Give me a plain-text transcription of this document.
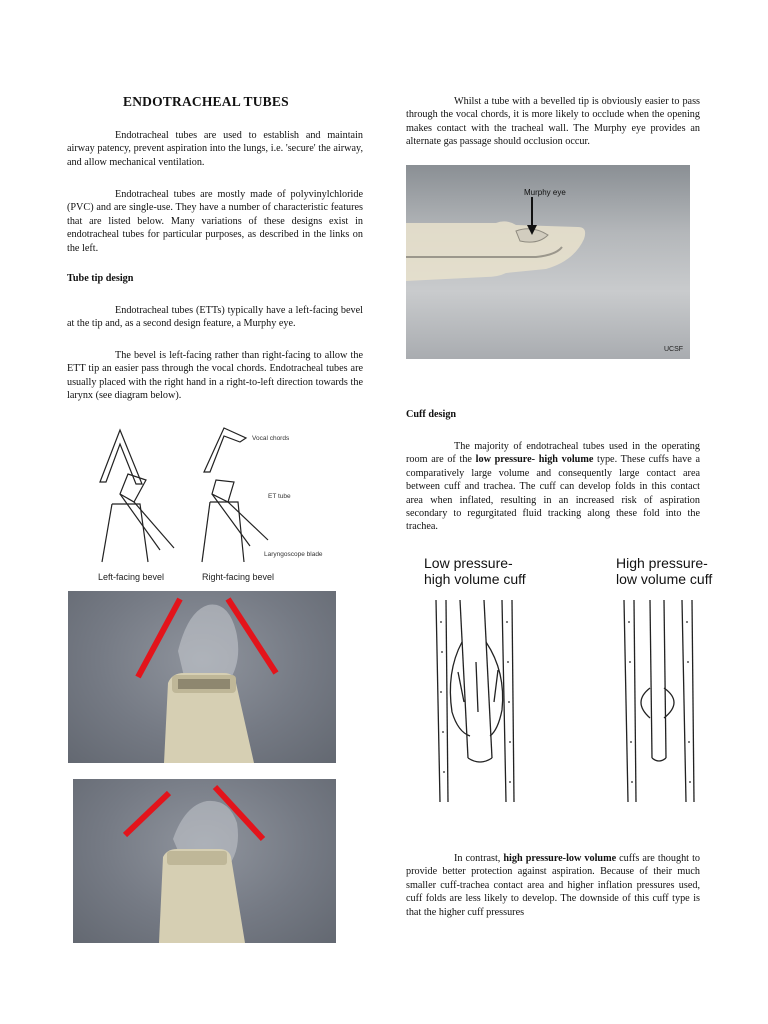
ENDOTRACHEAL TUBES

Endotracheal tubes are used to establish and maintain airway patency, prevent aspiration into the lungs, i.e. 'secure' the airway, and allow mechanical ventilation.

Endotracheal tubes are mostly made of polyvinylchloride (PVC) and are single-use. They have a number of characteristic features that are listed below. Many variations of these designs exist in endotracheal tubes for particular purposes, as described in the links on the left.

Tube tip design

Endotracheal tubes (ETTs) typically have a left-facing bevel at the tip and, as a second design feature, a Murphy eye.

The bevel is left-facing rather than right-facing to allow the ETT tip an easier pass through the vocal chords. Endotracheal tubes are usually placed with the right hand in a right-to-left direction towards the larynx (see diagram below).

Vocal chords
ET tube
Laryngoscope blade
Left-facing bevel	Right-facing bevel

Whilst a tube with a bevelled tip is obviously easier to pass through the vocal chords, it is more likely to occlude when the opening makes contact with the tracheal wall. The Murphy eye provides an alternate gas passage should occlusion occur.

Murphy eye
UCSF
Cuff design

The majority of endotracheal tubes used in the operating room are of the low pressure- high volume type. These cuffs have a comparatively large volume and consequently large contact area between cuff and trachea. The cuff can develop folds in this contact area when inflated, resulting in an increased risk of aspiration secondary to regurgitated fluid tracking along these fold into the trachea.

Low pressure-
high volume cuff
High pressure-
low volume cuff

In contrast, high pressure-low volume cuffs are thought to provide better protection against aspiration. Because of their much smaller cuff-trachea contact area and higher inflation pressures used, cuff folds are less likely to develop. The downside of this cuff type is that the higher cuff pressures
